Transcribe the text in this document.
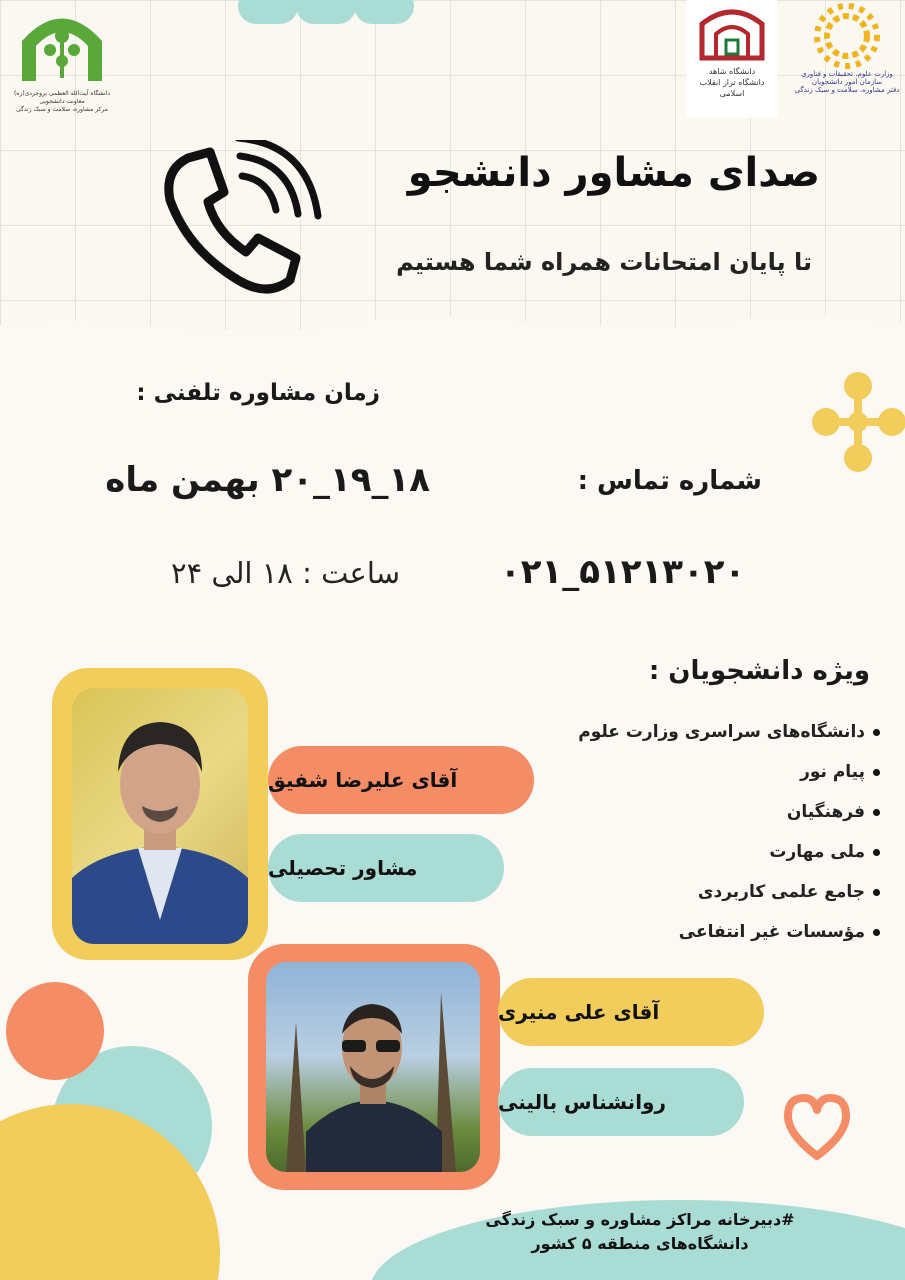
دانشگاه آیت‌الله العظمی بروجردی(ره)
معاونت دانشجویی
مرکز مشاوره، سلامت و سبک زندگی
دانشگاه شاهد
دانشگاه تراز انقلاب اسلامی
وزارت علوم، تحقیقات و فناوری
سازمان امور دانشجویان
دفتر مشاوره، سلامت و سبک زندگی
صدای مشاور دانشجو
تا پایان امتحانات همراه شما هستیم
زمان مشاوره تلفنی :
۱۸_۱۹_۲۰ بهمن ماه
ساعت : ۱۸ الی ۲۴
شماره تماس :
۰۲۱_۵۱۲۱۳۰۲۰
ویژه دانشجویان :
دانشگاه‌های سراسری وزارت علوم
پیام نور
فرهنگیان
ملی مهارت
جامع علمی کاربردی
مؤسسات غیر انتفاعی
آقای علیرضا شفیق
مشاور تحصیلی
آقای علی منیری
روانشناس بالینی
#دبیرخانه مراکز مشاوره و سبک زندگی
دانشگاه‌های منطقه ۵ کشور
